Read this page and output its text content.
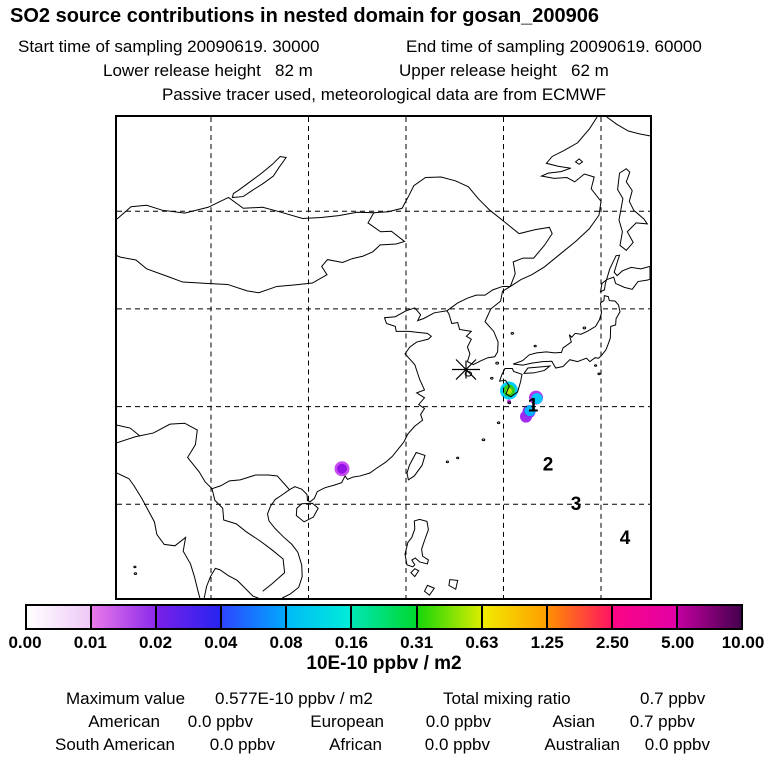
SO2 source contributions in nested domain for gosan_200906
Start time of sampling 20090619. 30000	End time of sampling 20090619. 60000
Lower release height   82 m	Upper release height   62 m
Passive tracer used, meteorological data are from ECMWF
1
2
3
4
0.00 0.01 0.02 0.04 0.08 0.16 0.31 0.63 1.25 2.50 5.00 10.00
10E-10 ppbv / m2
Maximum value 0.577E-10 ppbv / m2	Total mixing ratio	0.7 ppbv
American	0.0 ppbv	European	0.0 ppbv	Asian	0.7 ppbv
South American	0.0 ppbv	African	0.0 ppbv	Australian	0.0 ppbv
